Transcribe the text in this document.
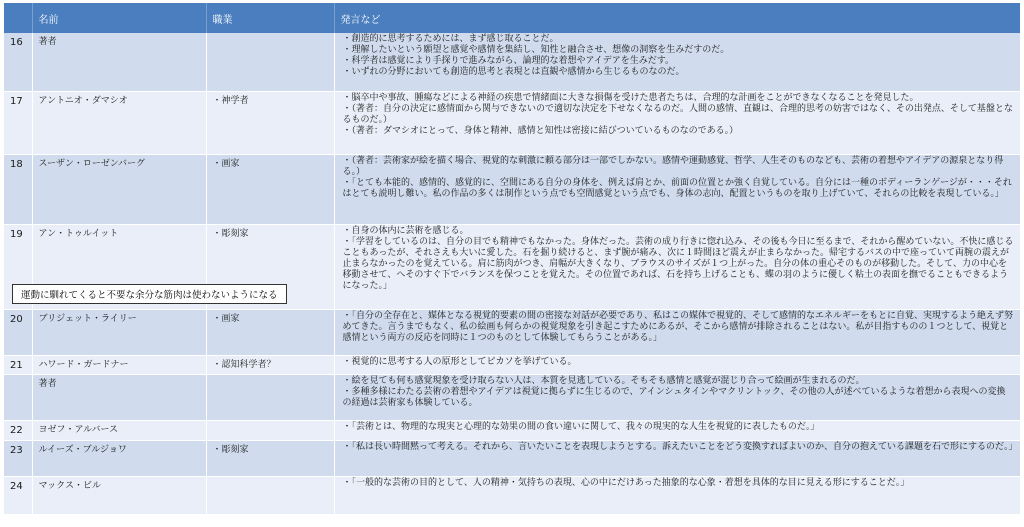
	名前	職業	発言など
16	著者		・創造的に思考するためには、まず感じ取ることだ。
・理解したいという願望と感覚や感情を集結し、知性と融合させ、想像の洞察を生みだすのだ。
・科学者は感覚により手探りで進みながら、論理的な着想やアイデアを生みだす。
・いずれの分野においても創造的思考と表現とは直観や感情から生じるものなのだ。

17	アントニオ・ダマシオ	・神学者	・脳卒中や事故、腫瘍などによる神経の疾患で情緒面に大きな損傷を受けた患者たちは、合理的な計画をことができなくなることを発見した。
・（著者：自分の決定に感情面から関与できないので適切な決定を下せなくなるのだ。人間の感情、直観は、合理的思考の妨害ではなく、その出発点、そして基盤となるものだ。）
・（著者：ダマシオにとって、身体と精神、感情と知性は密接に結びついているものなのである。）

18	スーザン・ローゼンバーグ	・画家	・（著者：芸術家が絵を描く場合、視覚的な刺激に頼る部分は一部でしかない。感情や運動感覚、哲学、人生そのものなども、芸術の着想やアイデアの源泉となり得る。）
・「とても本能的、感情的、感覚的に、空間にある自分の身体を、例えば肩とか、前面の位置とか強く自覚している。自分には一種のボディーランゲージが・・・それはとても説明し難い。私の作品の多くは制作という点でも空間感覚という点でも、身体の志向、配置というものを取り上げていて、それらの比較を表現している。」

19	アン・トゥルイット	・彫刻家	・自身の体内に芸術を感じる。
・「学習をしているのは、自分の目でも精神でもなかった。身体だった。芸術の成り行きに惚れ込み、その後も今日に至るまで、それから醒めていない。不快に感じることもあったが、それさえも大いに愛した。石を掘り続けると、まず腕が痛み、次に１時間ほど震えが止まらなかった。帰宅するバスの中で座っていて両腕の震えが止まらなかったのを覚えている。肩に筋肉がつき、肩幅が大きくなり、ブラウスのサイズが１つ上がった。自分の体の重心そのものが移動した。そして、力の中心を移動させて、へそのすぐ下でバランスを保つことを覚えた。その位置であれば、石を持ち上げることも、蝶の羽のように優しく粘土の表面を撫でることもできるようになった。」

20	ブリジェット・ライリー	・画家	・「自分の全存在と、媒体となる視覚的要素の間の密接な対話が必要であり、私はこの媒体で視覚的、そして感情的なエネルギーをもとに自覚、実現するよう絶えず努めてきた。言うまでもなく、私の絵画も何らかの視覚現象を引き起こすためにあるが、そこから感情が排除されることはない。私が目指すものの１つとして、視覚と感情という両方の反応を同時に１つのものとして体験してもらうことがある。」

21	ハワード・ガードナー	・認知科学者？	・視覚的に思考する人の原形としてピカソを挙げている。

	著者		・絵を見ても何も感覚現象を受け取らない人は、本質を見逃している。そもそも感情と感覚が混じり合って絵画が生まれるのだ。
・多種多様にわたる芸術の着想やアイデアは視覚に拠らずに生じるので、アインシュタインやマクリントック、その他の人が述べているような着想から表現への変換の経過は芸術家も体験している。

22	ヨゼフ・アルバース		・「芸術とは、物理的な現実と心理的な効果の間の食い違いに関して、我々の現実的な人生を視覚的に表したものだ。」

23	ルイーズ・ブルジョワ	・彫刻家	・「私は長い時間黙って考える。それから、言いたいことを表現しようとする。訴えたいことをどう変換すればよいのか、自分の抱えている課題を石で形にするのだ。」

24	マックス・ビル		・「一般的な芸術の目的として、人の精神・気持ちの表現、心の中にだけあった抽象的な心象・着想を具体的な目に見える形にすることだ。」
運動に馴れてくると不要な余分な筋肉は使わないようになる
